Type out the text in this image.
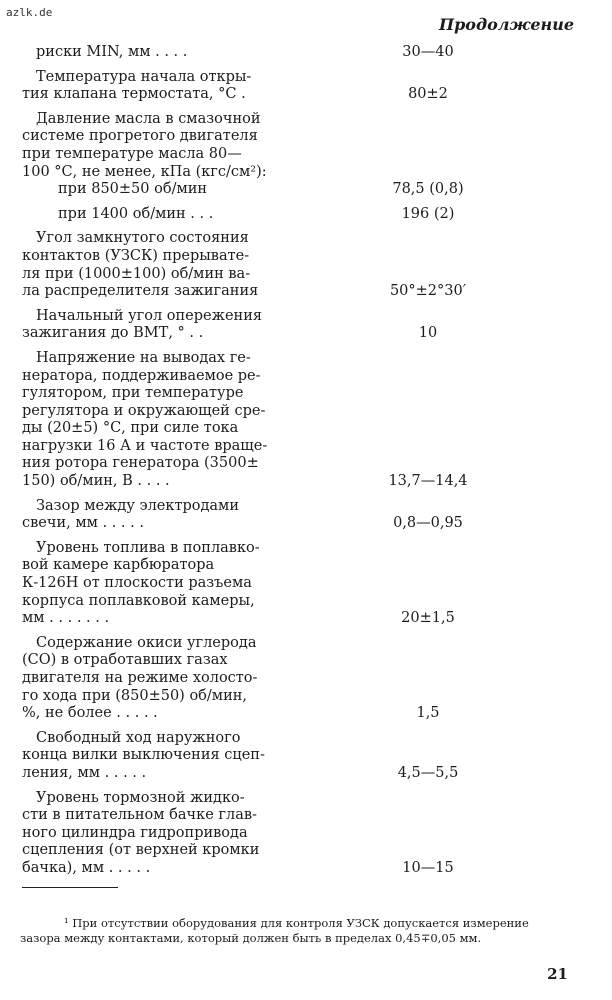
azlk.de
Продолжение
риски MIN, мм . . . .	30—40
Температура начала откры-
тия клапана термостата, °С .	80±2
Давление масла в смазочной
системе прогретого двигателя
при температуре масла 80—
100 °С, не менее, кПа (кгс/см²):
при 850±50 об/мин	78,5 (0,8)
при 1400 об/мин . . .	196 (2)
Угол замкнутого состояния
контактов (УЗСК) прерывате-
ля при (1000±100) об/мин ва-
ла распределителя зажигания	50°±2°30′
Начальный угол опережения
зажигания до ВМТ, ° . .	10
Напряжение на выводах ге-
нератора, поддерживаемое ре-
гулятором, при температуре
регулятора и окружающей сре-
ды (20±5) °С, при силе тока
нагрузки 16 А и частоте враще-
ния ротора генератора (3500±
150) об/мин, В . . . .	13,7—14,4
Зазор между электродами
свечи, мм . . . . .	0,8—0,95
Уровень топлива в поплавко-
вой камере карбюратора
К-126Н от плоскости разъема
корпуса поплавковой камеры,
мм . . . . . . .	20±1,5
Содержание окиси углерода
(СО) в отработавших газах
двигателя на режиме холосто-
го хода при (850±50) об/мин,
%, не более . . . . .	1,5
Свободный ход наружного
конца вилки выключения сцеп-
ления, мм . . . . .	4,5—5,5
Уровень тормозной жидко-
сти в питательном бачке глав-
ного цилиндра гидропривода
сцепления (от верхней кромки
бачка), мм . . . . .	10—15
¹ При отсутствии оборудования для контроля УЗСК допускается измерение
зазора между контактами, который должен быть в пределах 0,45∓0,05 мм.
21
